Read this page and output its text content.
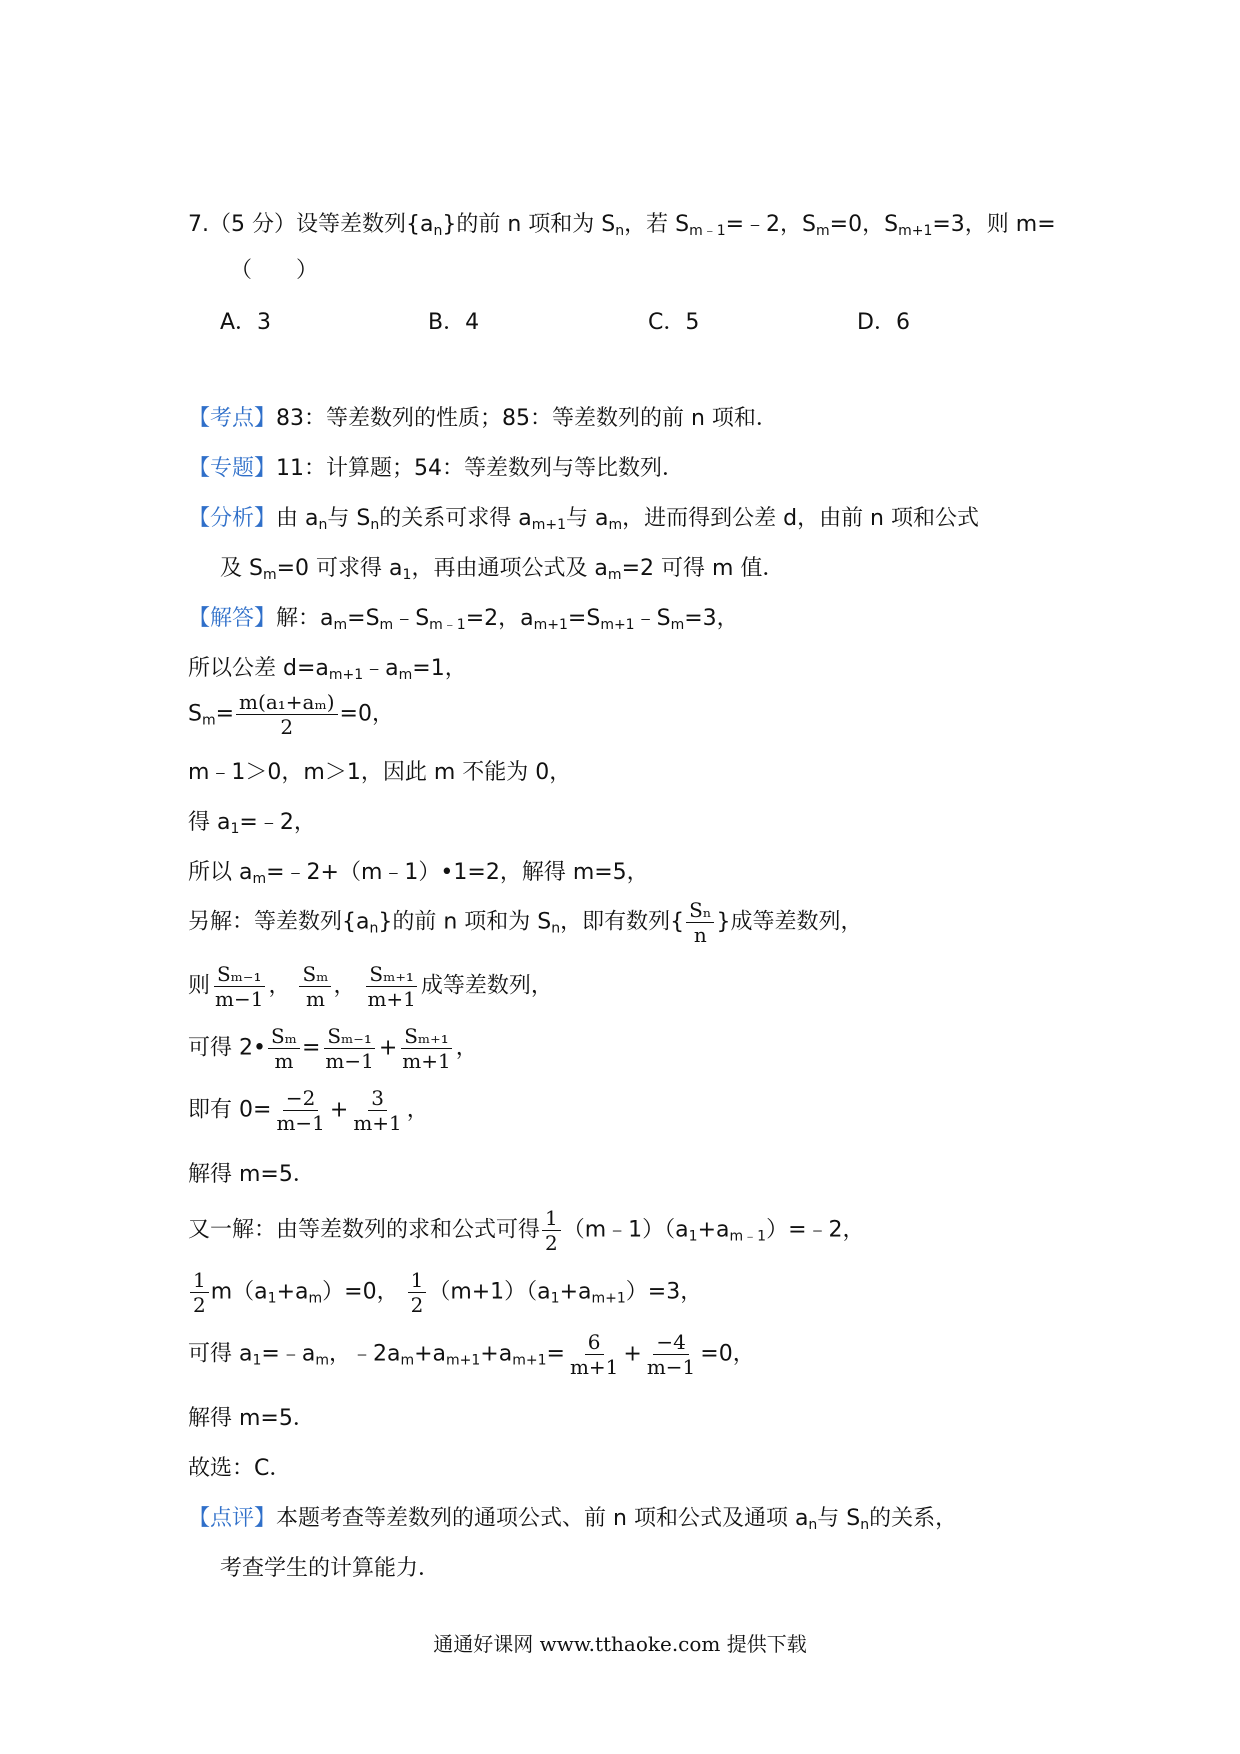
7.（5 分）设等差数列$\{a_n\}$的前 n 项和为 $S_n$，若 $S_{m﹣1}=﹣2$，$S_m=0$，$S_{m+1}=3$，则 m=
（　　）
A．3	B．4	C．5	D．6
【考点】83：等差数列的性质；85：等差数列的前 n 项和．
【专题】11：计算题；54：等差数列与等比数列．
【分析】由 $a_n$与 $S_n$的关系可求得 $a_{m+1}$与 $a_m$，进而得到公差 d，由前 n 项和公式
及 $S_m=0$ 可求得 $a_1$，再由通项公式及 $a_m=2$ 可得 m 值．
【解答】解：$a_m=S_m﹣S_{m﹣1}=2$，$a_{m+1}=S_{m+1}﹣S_m=3$，
所以公差 $d=a_{m+1}﹣a_m=1$，
$S_m= \frac{\text{m(a₁+aₘ)}}{2} =0$，
m﹣1＞0，m＞1，因此 m 不能为 0，
得 $a_1=﹣2$，
所以 $a_m=﹣2+(m﹣1)•1=2$，解得 m=5，
另解：等差数列$\{a_n\}$的前 n 项和为 $S_n$，即有数列{ $\frac{\text{Sₙ}}{n}$ }成等差数列，
则 $\frac{\text{Sₘ₋₁}}{m-1}$ ， $\frac{\text{Sₘ}}{m}$ ， $\frac{\text{Sₘ₊₁}}{m+1}$ 成等差数列，
可得 2• $\frac{\text{Sₘ}}{m} = \frac{\text{Sₘ₋₁}}{m-1} + \frac{\text{Sₘ₊₁}}{m+1}$ ，
即有 $0= \frac{-2}{m-1} + \frac{3}{m+1}$ ，
解得 m=5．
又一解：由等差数列的求和公式可得 $\frac{1}{2}$ $(m﹣1)(a_1+a_{m﹣1})=﹣2$，
$\frac{1}{2} m(a_1+a_m)=0$， $\frac{1}{2} (m+1)(a_1+a_{m+1})=3$，
可得 $a_1=﹣a_m$，$﹣2a_m+a_{m+1}+a_{m+1}= \frac{6}{m+1} + \frac{-4}{m-1} =0$，
解得 m=5．
故选：C．
【点评】本题考查等差数列的通项公式、前 n 项和公式及通项 $a_n$与 $S_n$的关系，
考查学生的计算能力．
通通好课网 www.tthaoke.com 提供下载
